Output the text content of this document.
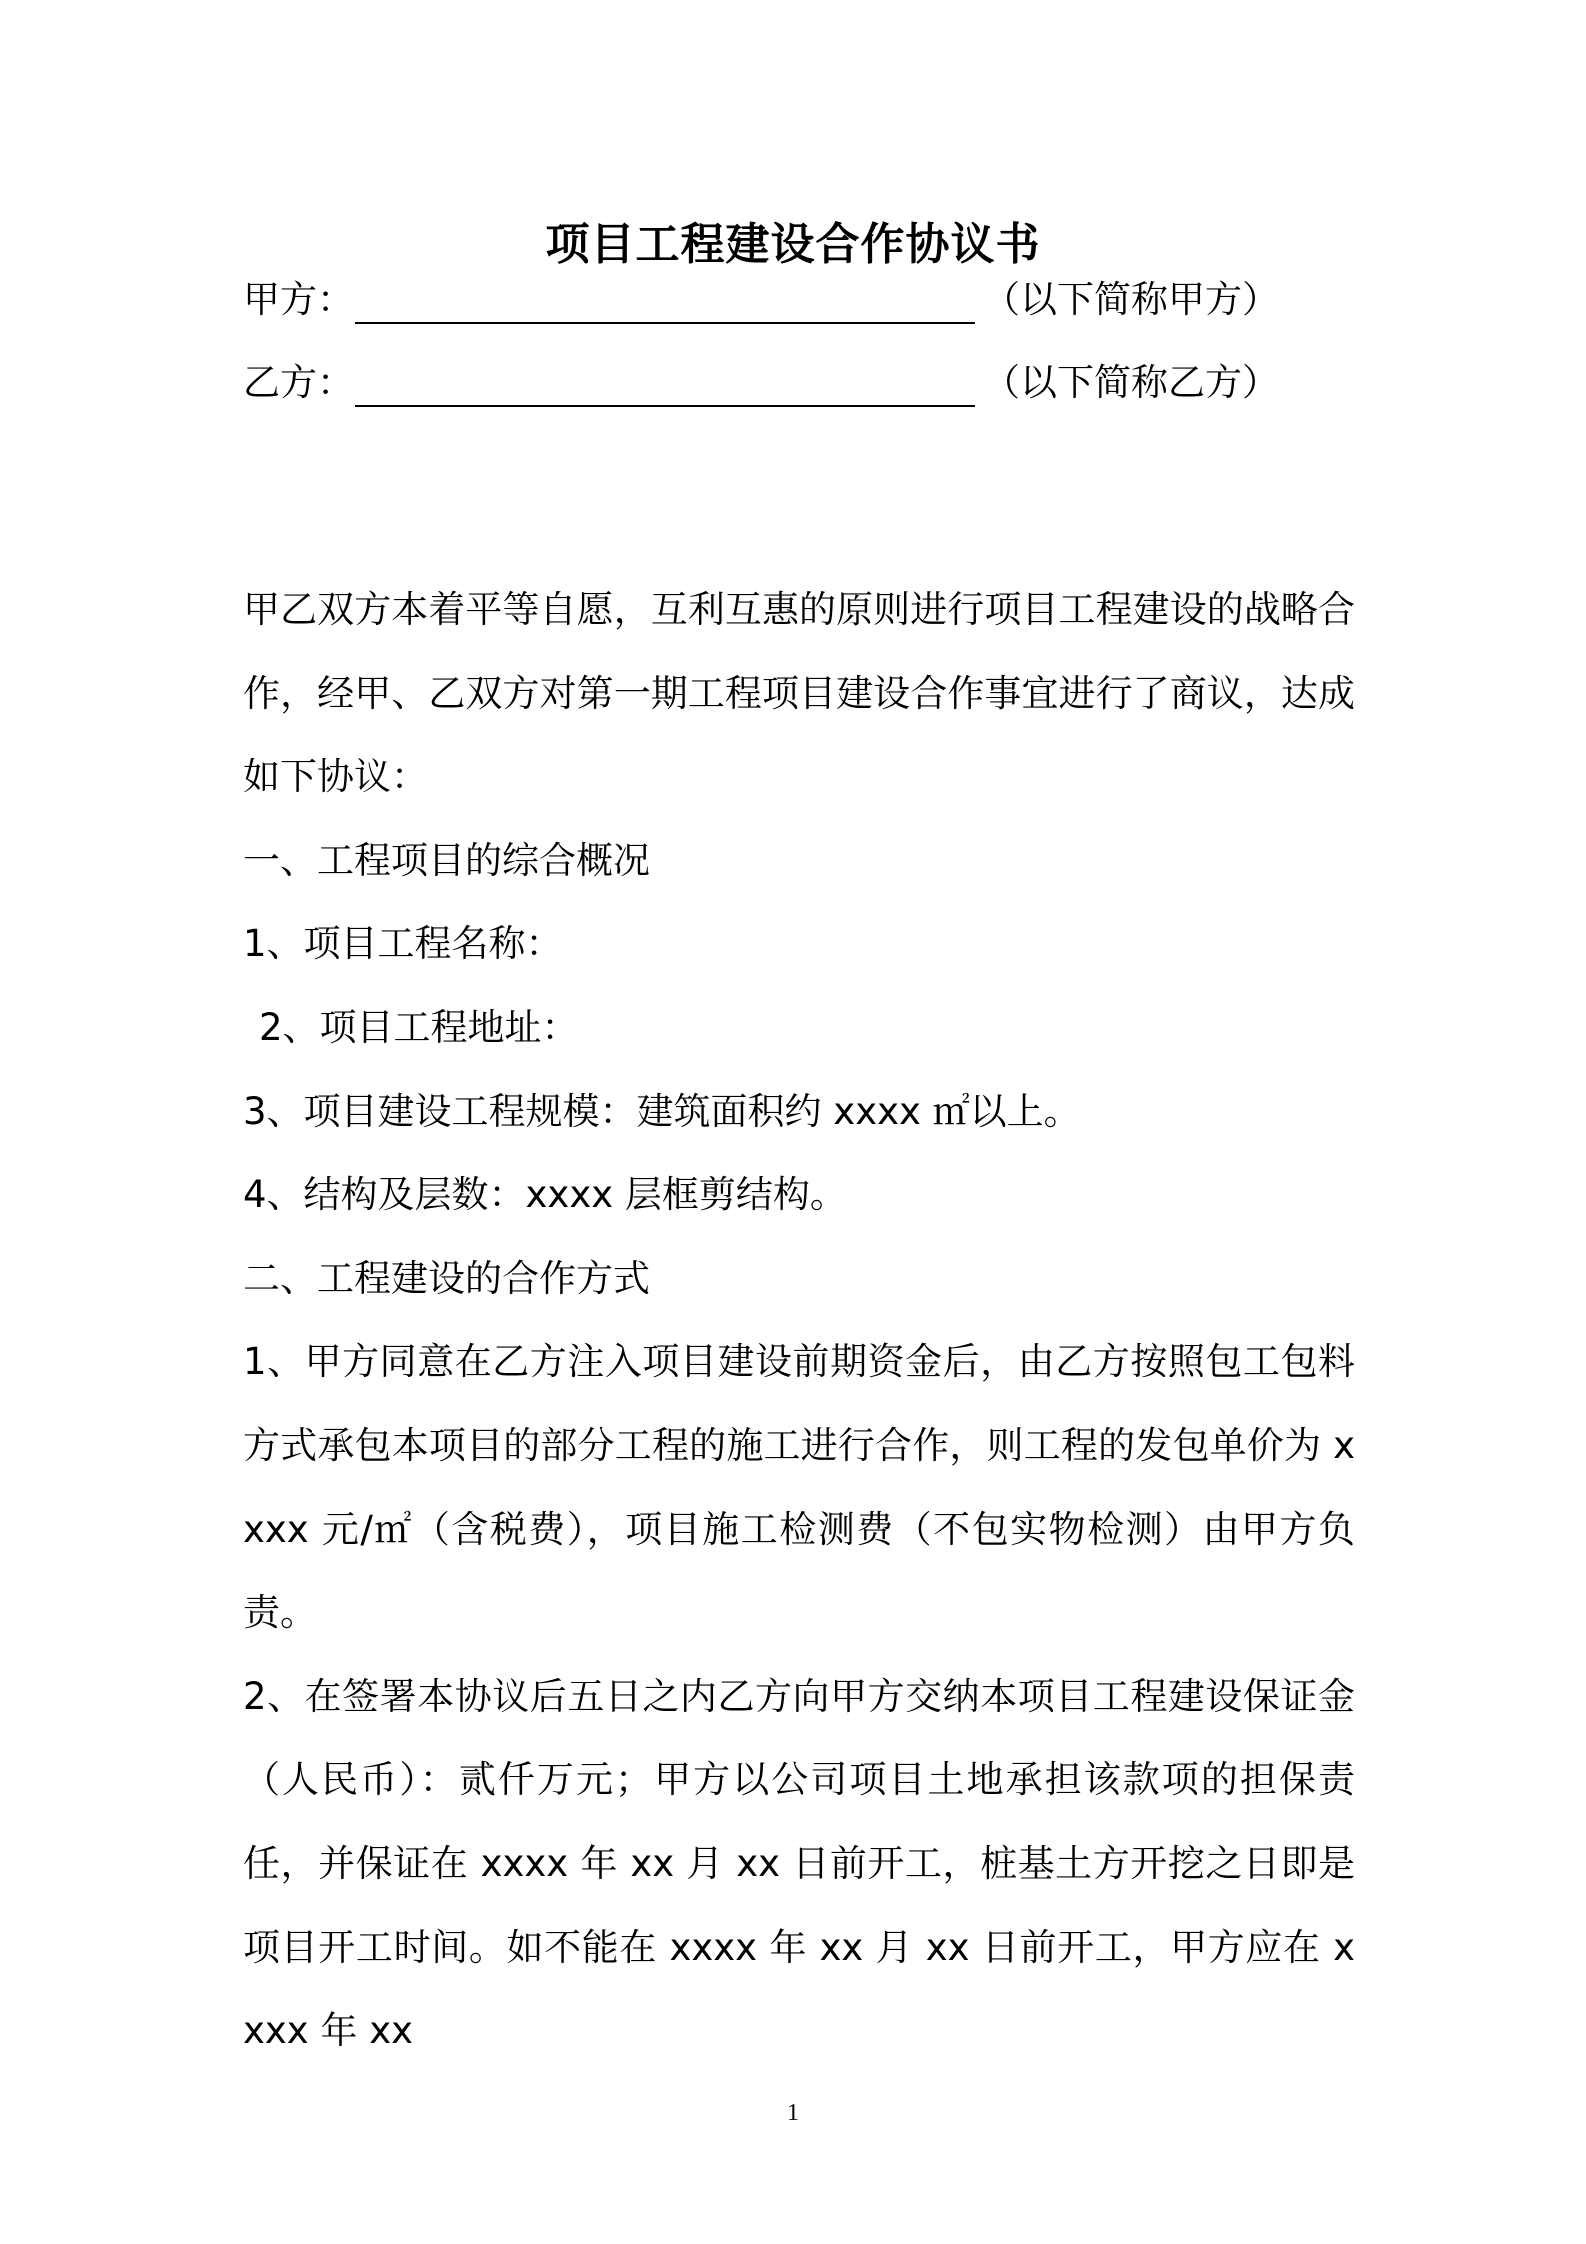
项目工程建设合作协议书
甲方：	（以下简称甲方）
乙方：	（以下简称乙方）

甲乙双方本着平等自愿，互利互惠的原则进行项目工程建设的战略合作，经甲、乙双方对第一期工程项目建设合作事宜进行了商议，达成如下协议：

一、工程项目的综合概况

1、项目工程名称：

2、项目工程地址：

3、项目建设工程规模：建筑面积约 xxxx ㎡以上。

4、结构及层数：xxxx 层框剪结构。

二、工程建设的合作方式

1、甲方同意在乙方注入项目建设前期资金后，由乙方按照包工包料方式承包本项目的部分工程的施工进行合作，则工程的发包单价为 xxxx 元/㎡（含税费），项目施工检测费（不包实物检测）由甲方负责。

2、在签署本协议后五日之内乙方向甲方交纳本项目工程建设保证金（人民币）：贰仟万元；甲方以公司项目土地承担该款项的担保责任，并保证在 xxxx 年 xx 月 xx 日前开工，桩基土方开挖之日即是项目开工时间。如不能在 xxxx 年 xx 月 xx 日前开工，甲方应在 xxxx 年 xx

1
